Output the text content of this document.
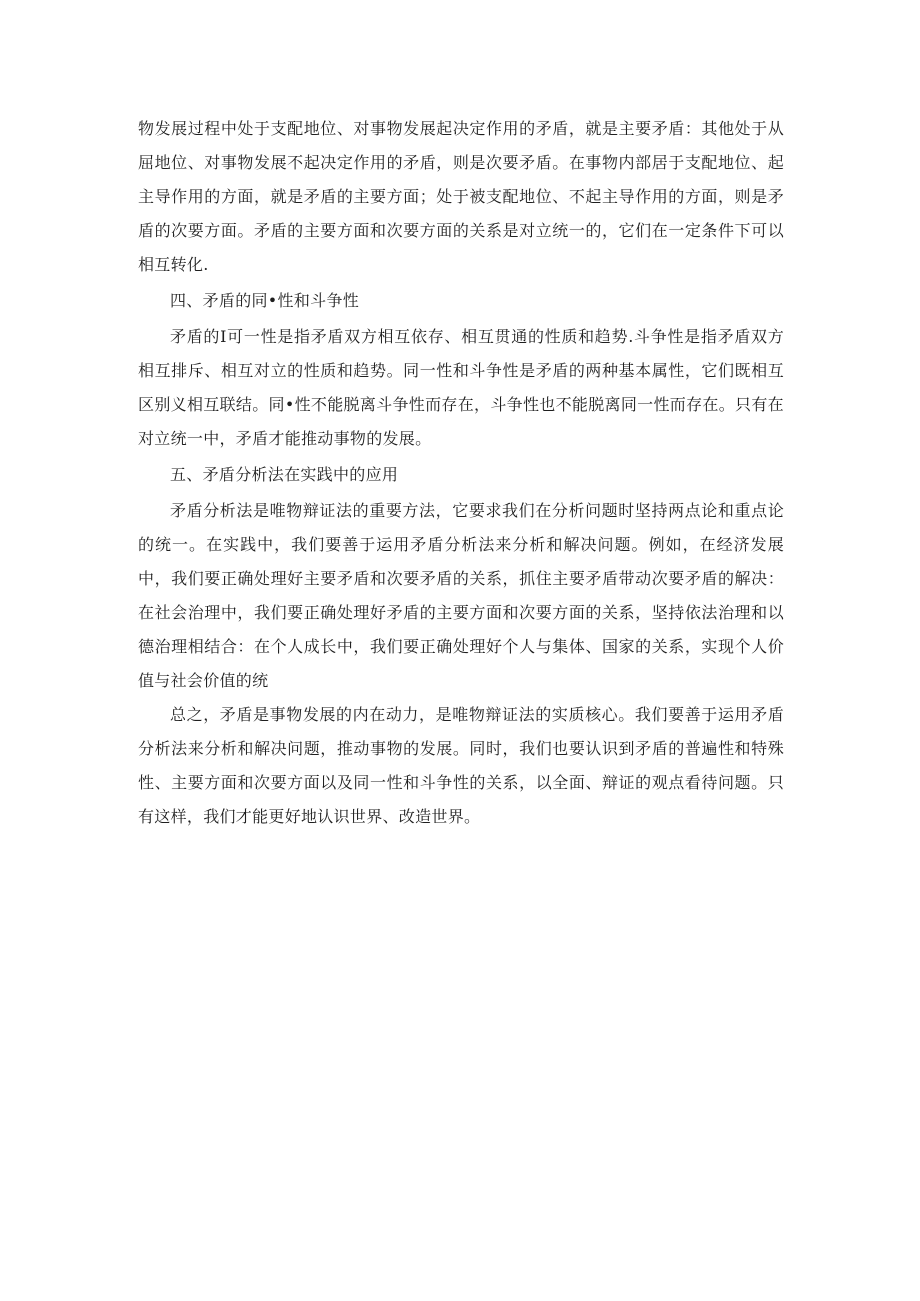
物发展过程中处于支配地位、对事物发展起决定作用的矛盾，就是主要矛盾：其他处于从屈地位、对事物发展不起决定作用的矛盾，则是次要矛盾。在事物内部居于支配地位、起主导作用的方面，就是矛盾的主要方面；处于被支配地位、不起主导作用的方面，则是矛盾的次要方面。矛盾的主要方面和次要方面的关系是对立统一的，它们在一定条件下可以相互转化.

四、矛盾的同•性和斗争性

矛盾的I可一性是指矛盾双方相互依存、相互贯通的性质和趋势.斗争性是指矛盾双方相互排斥、相互对立的性质和趋势。同一性和斗争性是矛盾的两种基本属性，它们既相互区别义相互联结。同•性不能脱离斗争性而存在，斗争性也不能脱离同一性而存在。只有在对立统一中，矛盾才能推动事物的发展。

五、矛盾分析法在实践中的应用

矛盾分析法是唯物辩证法的重要方法，它要求我们在分析问题时坚持两点论和重点论的统一。在实践中，我们要善于运用矛盾分析法来分析和解决问题。例如，在经济发展中，我们要正确处理好主要矛盾和次要矛盾的关系，抓住主要矛盾带动次要矛盾的解决：在社会治理中，我们要正确处理好矛盾的主要方面和次要方面的关系，坚持依法治理和以德治理相结合：在个人成长中，我们要正确处理好个人与集体、国家的关系，实现个人价值与社会价值的统

总之，矛盾是事物发展的内在动力，是唯物辩证法的实质核心。我们要善于运用矛盾分析法来分析和解决问题，推动事物的发展。同时，我们也要认识到矛盾的普遍性和特殊性、主要方面和次要方面以及同一性和斗争性的关系，以全面、辩证的观点看待问题。只有这样，我们才能更好地认识世界、改造世界。
